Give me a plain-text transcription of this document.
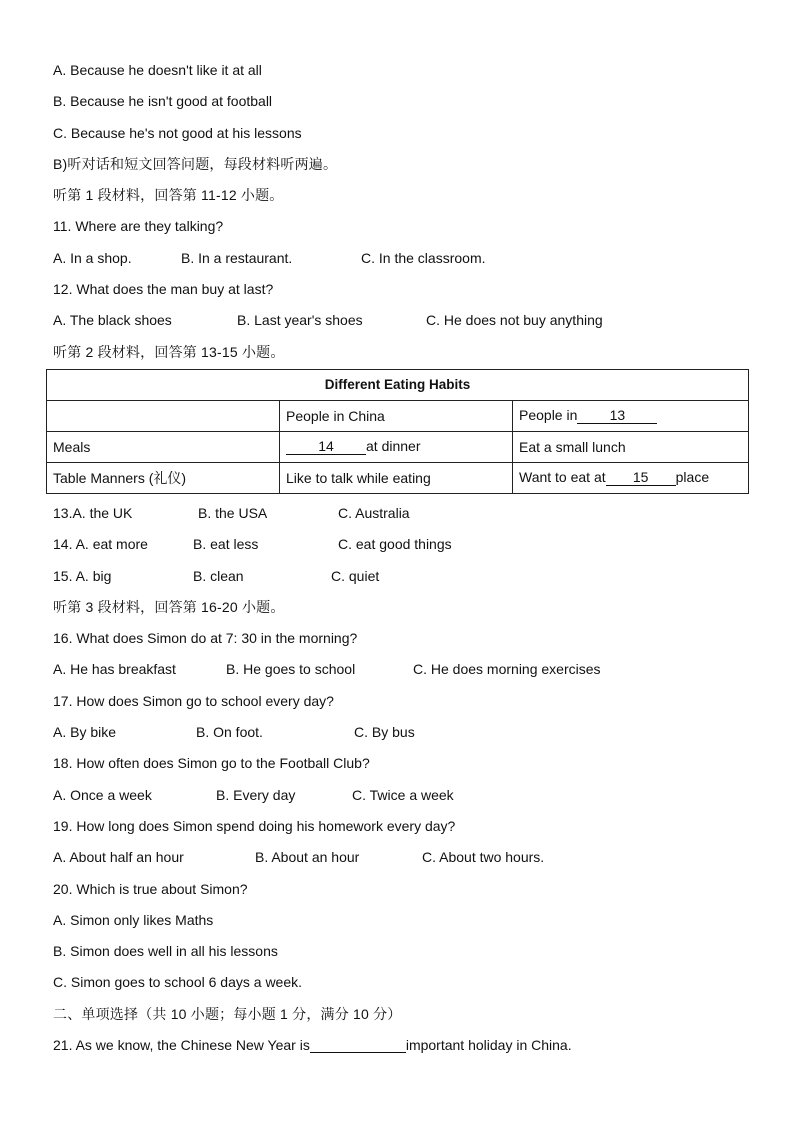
A. Because he doesn't like it at all
B. Because he isn't good at football
C. Because he's not good at his lessons
B)听对话和短文回答问题，每段材料听两遍。
听第 1 段材料，回答第 11-12 小题。
11. Where are they talking?
A. In a shop.	B. In a restaurant.	C. In the classroom.
12. What does the man buy at last?
A. The black shoes	B. Last year's shoes	C. He does not buy anything
听第 2 段材料，回答第 13-15 小题。
Different Eating Habits		
	People in China	People in 13
Meals	14 at dinner	Eat a small lunch
Table Manners (礼仪)	Like to talk while eating	Want to eat at 15 place
13.A. the UK	B. the USA	C. Australia
14. A. eat more	B. eat less	C. eat good things
15. A. big	B. clean	C. quiet
听第 3 段材料，回答第 16-20 小题。
16. What does Simon do at 7: 30 in the morning?
A. He has breakfast	B. He goes to school	C. He does morning exercises
17. How does Simon go to school every day?
A. By bike	B. On foot.	C. By bus
18. How often does Simon go to the Football Club?
A. Once a week	B. Every day	C. Twice a week
19. How long does Simon spend doing his homework every day?
A. About half an hour	B. About an hour	C. About two hours.
20. Which is true about Simon?
A. Simon only likes Maths
B. Simon does well in all his lessons
C. Simon goes to school 6 days a week.
二、单项选择（共 10 小题；每小题 1 分，满分 10 分）
21. As we know, the Chinese New Year is	important holiday in China.
